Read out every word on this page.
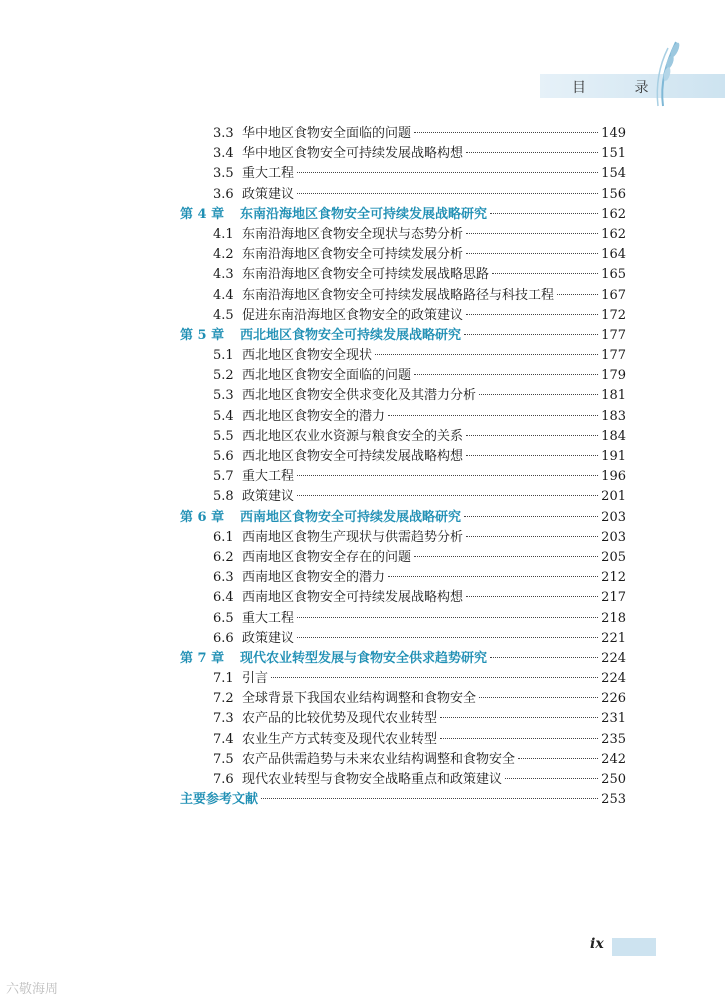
目 录
3.3 华中地区食物安全面临的问题	149
3.4 华中地区食物安全可持续发展战略构想	151
3.5 重大工程	154
3.6 政策建议	156
第 4 章	东南沿海地区食物安全可持续发展战略研究	162
4.1 东南沿海地区食物安全现状与态势分析	162
4.2 东南沿海地区食物安全可持续发展分析	164
4.3 东南沿海地区食物安全可持续发展战略思路	165
4.4 东南沿海地区食物安全可持续发展战略路径与科技工程	167
4.5 促进东南沿海地区食物安全的政策建议	172
第 5 章	西北地区食物安全可持续发展战略研究	177
5.1 西北地区食物安全现状	177
5.2 西北地区食物安全面临的问题	179
5.3 西北地区食物安全供求变化及其潜力分析	181
5.4 西北地区食物安全的潜力	183
5.5 西北地区农业水资源与粮食安全的关系	184
5.6 西北地区食物安全可持续发展战略构想	191
5.7 重大工程	196
5.8 政策建议	201
第 6 章	西南地区食物安全可持续发展战略研究	203
6.1 西南地区食物生产现状与供需趋势分析	203
6.2 西南地区食物安全存在的问题	205
6.3 西南地区食物安全的潜力	212
6.4 西南地区食物安全可持续发展战略构想	217
6.5 重大工程	218
6.6 政策建议	221
第 7 章	现代农业转型发展与食物安全供求趋势研究	224
7.1 引言	224
7.2 全球背景下我国农业结构调整和食物安全	226
7.3 农产品的比较优势及现代农业转型	231
7.4 农业生产方式转变及现代农业转型	235
7.5 农产品供需趋势与未来农业结构调整和食物安全	242
7.6 现代农业转型与食物安全战略重点和政策建议	250
主要参考文献	253
ix
六敬海周
